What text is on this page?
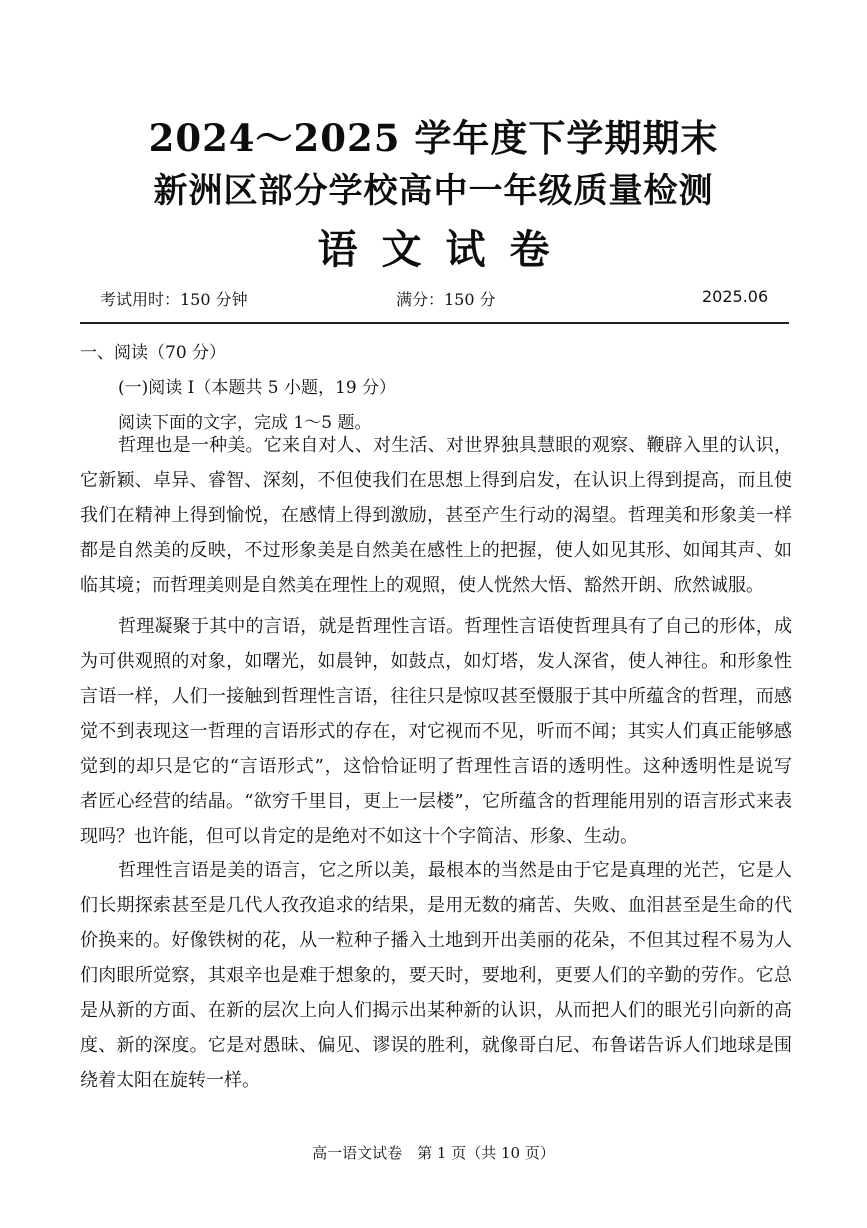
2024～2025 学年度下学期期末
新洲区部分学校高中一年级质量检测
语文试卷
考试用时：150 分钟	满分：150 分	2025.06
一、阅读（70 分）
(一)阅读 I（本题共 5 小题，19 分）
阅读下面的文字，完成 1～5 题。
哲理也是一种美。它来自对人、对生活、对世界独具慧眼的观察、鞭辟入里的认识，
它新颖、卓异、睿智、深刻，不但使我们在思想上得到启发，在认识上得到提高，而且使
我们在精神上得到愉悦，在感情上得到激励，甚至产生行动的渴望。哲理美和形象美一样
都是自然美的反映，不过形象美是自然美在感性上的把握，使人如见其形、如闻其声、如
临其境；而哲理美则是自然美在理性上的观照，使人恍然大悟、豁然开朗、欣然诚服。
哲理凝聚于其中的言语，就是哲理性言语。哲理性言语使哲理具有了自己的形体，成
为可供观照的对象，如曙光，如晨钟，如鼓点，如灯塔，发人深省，使人神往。和形象性
言语一样，人们一接触到哲理性言语，往往只是惊叹甚至慑服于其中所蕴含的哲理，而感
觉不到表现这一哲理的言语形式的存在，对它视而不见，听而不闻；其实人们真正能够感
觉到的却只是它的“言语形式”，这恰恰证明了哲理性言语的透明性。这种透明性是说写
者匠心经营的结晶。“欲穷千里目，更上一层楼”，它所蕴含的哲理能用别的语言形式来表
现吗？也许能，但可以肯定的是绝对不如这十个字简洁、形象、生动。
哲理性言语是美的语言，它之所以美，最根本的当然是由于它是真理的光芒，它是人
们长期探索甚至是几代人孜孜追求的结果，是用无数的痛苦、失败、血泪甚至是生命的代
价换来的。好像铁树的花，从一粒种子播入土地到开出美丽的花朵，不但其过程不易为人
们肉眼所觉察，其艰辛也是难于想象的，要天时，要地利，更要人们的辛勤的劳作。它总
是从新的方面、在新的层次上向人们揭示出某种新的认识，从而把人们的眼光引向新的高
度、新的深度。它是对愚昧、偏见、谬误的胜利，就像哥白尼、布鲁诺告诉人们地球是围
绕着太阳在旋转一样。
高一语文试卷　第 1 页（共 10 页）
